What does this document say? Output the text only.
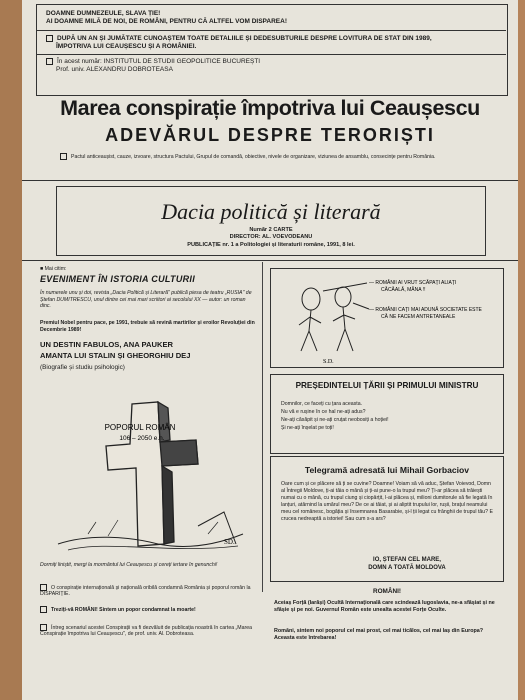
DOAMNE DUMNEZEULE, SLAVA ȚIE!
AI DOAMNE MILĂ DE NOI, DE ROMÂNI, PENTRU CĂ ALTFEL VOM DISPAREA!
DUPĂ UN AN ȘI JUMĂTATE CUNOAȘTEM TOATE DETALIILE ȘI DEDESUBTURILE DESPRE LOVITURA DE STAT DIN 1989,
ÎMPOTRIVA LUI CEAUȘESCU ȘI A ROMÂNIEI.
În acest număr: INSTITUTUL DE STUDII GEOPOLITICE BUCUREȘTI
Prof. univ. ALEXANDRU DOBROTEASA
Marea conspirație împotriva lui Ceaușescu
ADEVĂRUL DESPRE TERORIȘTI
Pactul anticeaușist, cauze, izvoare, structura Pactului, Grupul de comandă, obiective, nivele de organizare, viziunea de ansamblu, consecințe pentru România.
Dacia politică și literară
Număr 2 CARTE
DIRECTOR: AL. VOEVODEANU
PUBLICAȚIE nr. 1 a Politologiei și literaturii române, 1991, 8 lei.
■ Mai citim:
EVENIMENT ÎN ISTORIA CULTURII
În numerele unu și doi, revista „Dacia Politică și Literară" publică piesa de teatru „RUSIA" de Ștefan DUMITRESCU, unul dintre cei mai mari scriitori ai secolului XX — autor: un roman dinc.
Premiul Nobel pentru pace, pe 1991, trebuie să revină martirilor și eroilor Revoluției din Decembrie 1989!
UN DESTIN FABULOS, ANA PAUKER
AMANTA LUI STALIN ȘI GHEORGHIU DEJ
(Biografie și studiu psihologic)
POPORUL ROMÂN
106 – 2050 e.n.
SD.
Dormiți liniștit, mergi la mormântul lui Ceaușescu și cereți iertare în genunchi!
O conspirație internațională și națională oribilă condamnă România și poporul român la DISPARIȚIE.
Treziți-vă ROMÂNI! Sintem un popor condamnat la moarte!
Întreg scenariul acestei Conspirații va fi dezvăluit de publicația noastră în cartea „Marea Conspirație împotriva lui Ceaușescu", de prof. univ. Al. Dobroteasa.
— ROMÂNII AI VRUT SCĂPAȚI ALIAȚI
CĂCĂALĂ, MÂNA !!
— ROMÂNII CAŢI MAI ADUNĂ SOCIETATE ESTE
CĂ NE FACEM ANTRETANEALE
S.D.
PREȘEDINTELUI ȚĂRII ȘI PRIMULUI MINISTRU
Domnilor, ce faceți cu țara aceasta.
Nu vă e rușine în ce hal ne-ați adus?
Ne-ați căsăpit și ne-ați cruțat neobosiți a hoției!
Și ne-ați înșelat pe toți!
Telegramă adresată lui Mihail Gorbaciov
Oare cum și ce plăcere să ți se cuvine? Doamne! Voiam să vă aduc, Ștefan Voievod, Domn al Întregii Moldove, ți-ai tăia o mână și ți-ai pune-o la trupul meu? Ți-ar plăcea să trăiești numai cu o mână, cu trupul ciung și ciopârțit, l-ai plăcea și, milioni dumitorule să fie legată în lanțuri, atârnind la umărul meu? De ce ai tăiat, și ai aliptit trupului lor, rușii, brațul neamului meu cel românesc, bogăția și însemnarea Basarabie, și-l ții legat cu frânghii de trupul tău? E crucea nedreaptă a istoriei! Sau cum s-a ars?
IO, ȘTEFAN CEL MARE,
DOMN A TOATĂ MOLDOVA
ROMÂNI!
Aceiaș Forță (Iarăși) Ocultă Internațională care scindează Iugoslavia, ne-a sfâșiat și ne sfâșie și pe noi. Guvernul Român este unealta acestei Forțe Oculte.
Români, sintem noi poporul cel mai prost, cel mai ticălos, cel mai laș din Europa? Aceasta este întrebarea!
